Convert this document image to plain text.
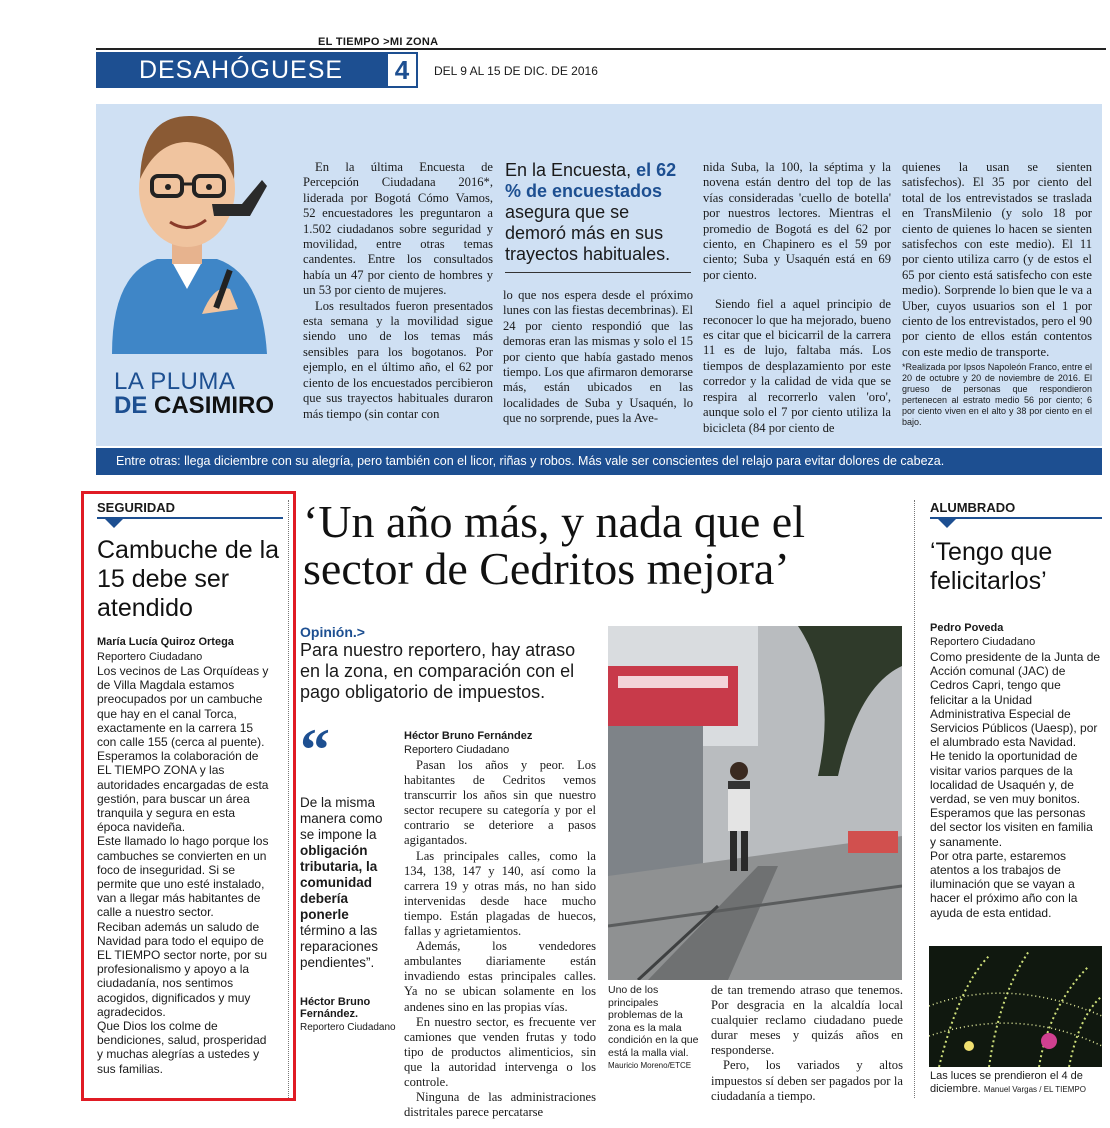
EL TIEMPO >MI ZONA
DESAHÓGUESE	4	DEL 9 AL 15 DE DIC. DE 2016
LA PLUMA
DE CASIMIRO

En la última Encuesta de Percepción Ciudadana 2016*, liderada por Bogotá Cómo Vamos, 52 encuestadores les preguntaron a 1.502 ciudadanos sobre seguridad y movilidad, entre otras temas candentes. Entre los consultados había un 47 por ciento de hombres y un 53 por ciento de mujeres.

Los resultados fueron presentados esta semana y la movilidad sigue siendo uno de los temas más sensibles para los bogotanos. Por ejemplo, en el último año, el 62 por ciento de los encuestados percibieron que sus trayectos habituales duraron más tiempo (sin contar con

En la Encuesta, el 62 % de encuestados asegura que se demoró más en sus trayectos habituales.

lo que nos espera desde el próximo lunes con las fiestas decembrinas). El 24 por ciento respondió que las demoras eran las mismas y solo el 15 por ciento que había gastado menos tiempo. Los que afirmaron demorarse más, están ubicados en las localidades de Suba y Usaquén, lo que no sorprende, pues la Ave-

nida Suba, la 100, la séptima y la novena están dentro del top de las vías consideradas 'cuello de botella' por nuestros lectores. Mientras el promedio de Bogotá es del 62 por ciento, en Chapinero es el 59 por ciento; Suba y Usaquén está en 69 por ciento.

Siendo fiel a aquel principio de reconocer lo que ha mejorado, bueno es citar que el bicicarril de la carrera 11 es de lujo, faltaba más. Los tiempos de desplazamiento por este corredor y la calidad de vida que se respira al recorrerlo valen 'oro', aunque solo el 7 por ciento utiliza la bicicleta (84 por ciento de

quienes la usan se sienten satisfechos). El 35 por ciento del total de los entrevistados se traslada en TransMilenio (y solo 18 por ciento de quienes lo hacen se sienten satisfechos con este medio). El 11 por ciento utiliza carro (y de estos el 65 por ciento está satisfecho con este medio). Sorprende lo bien que le va a Uber, cuyos usuarios son el 1 por ciento de los entrevistados, pero el 90 por ciento de ellos están contentos con este medio de transporte.

*Realizada por Ipsos Napoleón Franco, entre el 20 de octubre y 20 de noviembre de 2016. El grueso de personas que respondieron pertenecen al estrato medio 56 por ciento; 6 por ciento viven en el alto y 38 por ciento en el bajo.

Entre otras: llega diciembre con su alegría, pero también con el licor, riñas y robos. Más vale ser conscientes del relajo para evitar dolores de cabeza.
SEGURIDAD
Cambuche de la 15 debe ser atendido
María Lucía Quiroz Ortega
Reportero Ciudadano

Los vecinos de Las Orquídeas y de Villa Magdala estamos preocupados por un cambuche que hay en el canal Torca, exactamente en la carrera 15 con calle 155 (cerca al puente).

Esperamos la colaboración de EL TIEMPO ZONA y las autoridades encargadas de esta gestión, para buscar un área tranquila y segura en esta época navideña.

Este llamado lo hago porque los cambuches se convierten en un foco de inseguridad. Si se permite que uno esté instalado, van a llegar más habitantes de calle a nuestro sector.

Reciban además un saludo de Navidad para todo el equipo de EL TIEMPO sector norte, por su profesionalismo y apoyo a la ciudadanía, nos sentimos acogidos, dignificados y muy agradecidos.

Que Dios los colme de bendiciones, salud, prosperidad y muchas alegrías a ustedes y sus familias.

‘Un año más, y nada que el sector de Cedritos mejora’
Opinión.>
Para nuestro reportero, hay atraso en la zona, en comparación con el pago obligatorio de impuestos.
“
De la misma manera como se impone la obligación tributaria, la comunidad debería ponerle término a las reparaciones pendientes”.
Héctor Bruno Fernández.
Reportero Ciudadano
Héctor Bruno Fernández
Reportero Ciudadano

Pasan los años y peor. Los habitantes de Cedritos vemos transcurrir los años sin que nuestro sector recupere su categoría y por el contrario se deteriore a pasos agigantados.

Las principales calles, como la 134, 138, 147 y 140, así como la carrera 19 y otras más, no han sido intervenidas desde hace mucho tiempo. Están plagadas de huecos, fallas y agrietamientos.

Además, los vendedores ambulantes diariamente están invadiendo estas principales calles. Ya no se ubican solamente en los andenes sino en las propias vías.

En nuestro sector, es frecuente ver camiones que venden frutas y todo tipo de productos alimenticios, sin que la autoridad intervenga o los controle.

Ninguna de las administraciones distritales parece percatarse

Uno de los principales problemas de la zona es la mala condición en la que está la malla vial. Mauricio Moreno/ETCE

de tan tremendo atraso que tenemos. Por desgracia en la alcaldía local cualquier reclamo ciudadano puede durar meses y quizás años en responderse.

Pero, los variados y altos impuestos sí deben ser pagados por la ciudadanía a tiempo.

ALUMBRADO
‘Tengo que felicitarlos’
Pedro Poveda
Reportero Ciudadano

Como presidente de la Junta de Acción comunal (JAC) de Cedros Capri, tengo que felicitar a la Unidad Administrativa Especial de Servicios Públicos (Uaesp), por el alumbrado esta Navidad.

He tenido la oportunidad de visitar varios parques de la localidad de Usaquén y, de verdad, se ven muy bonitos.

Esperamos que las personas del sector los visiten en familia y sanamente.

Por otra parte, estaremos atentos a los trabajos de iluminación que se vayan a hacer el próximo año con la ayuda de esta entidad.

Las luces se prendieron el 4 de diciembre. Manuel Vargas / EL TIEMPO
